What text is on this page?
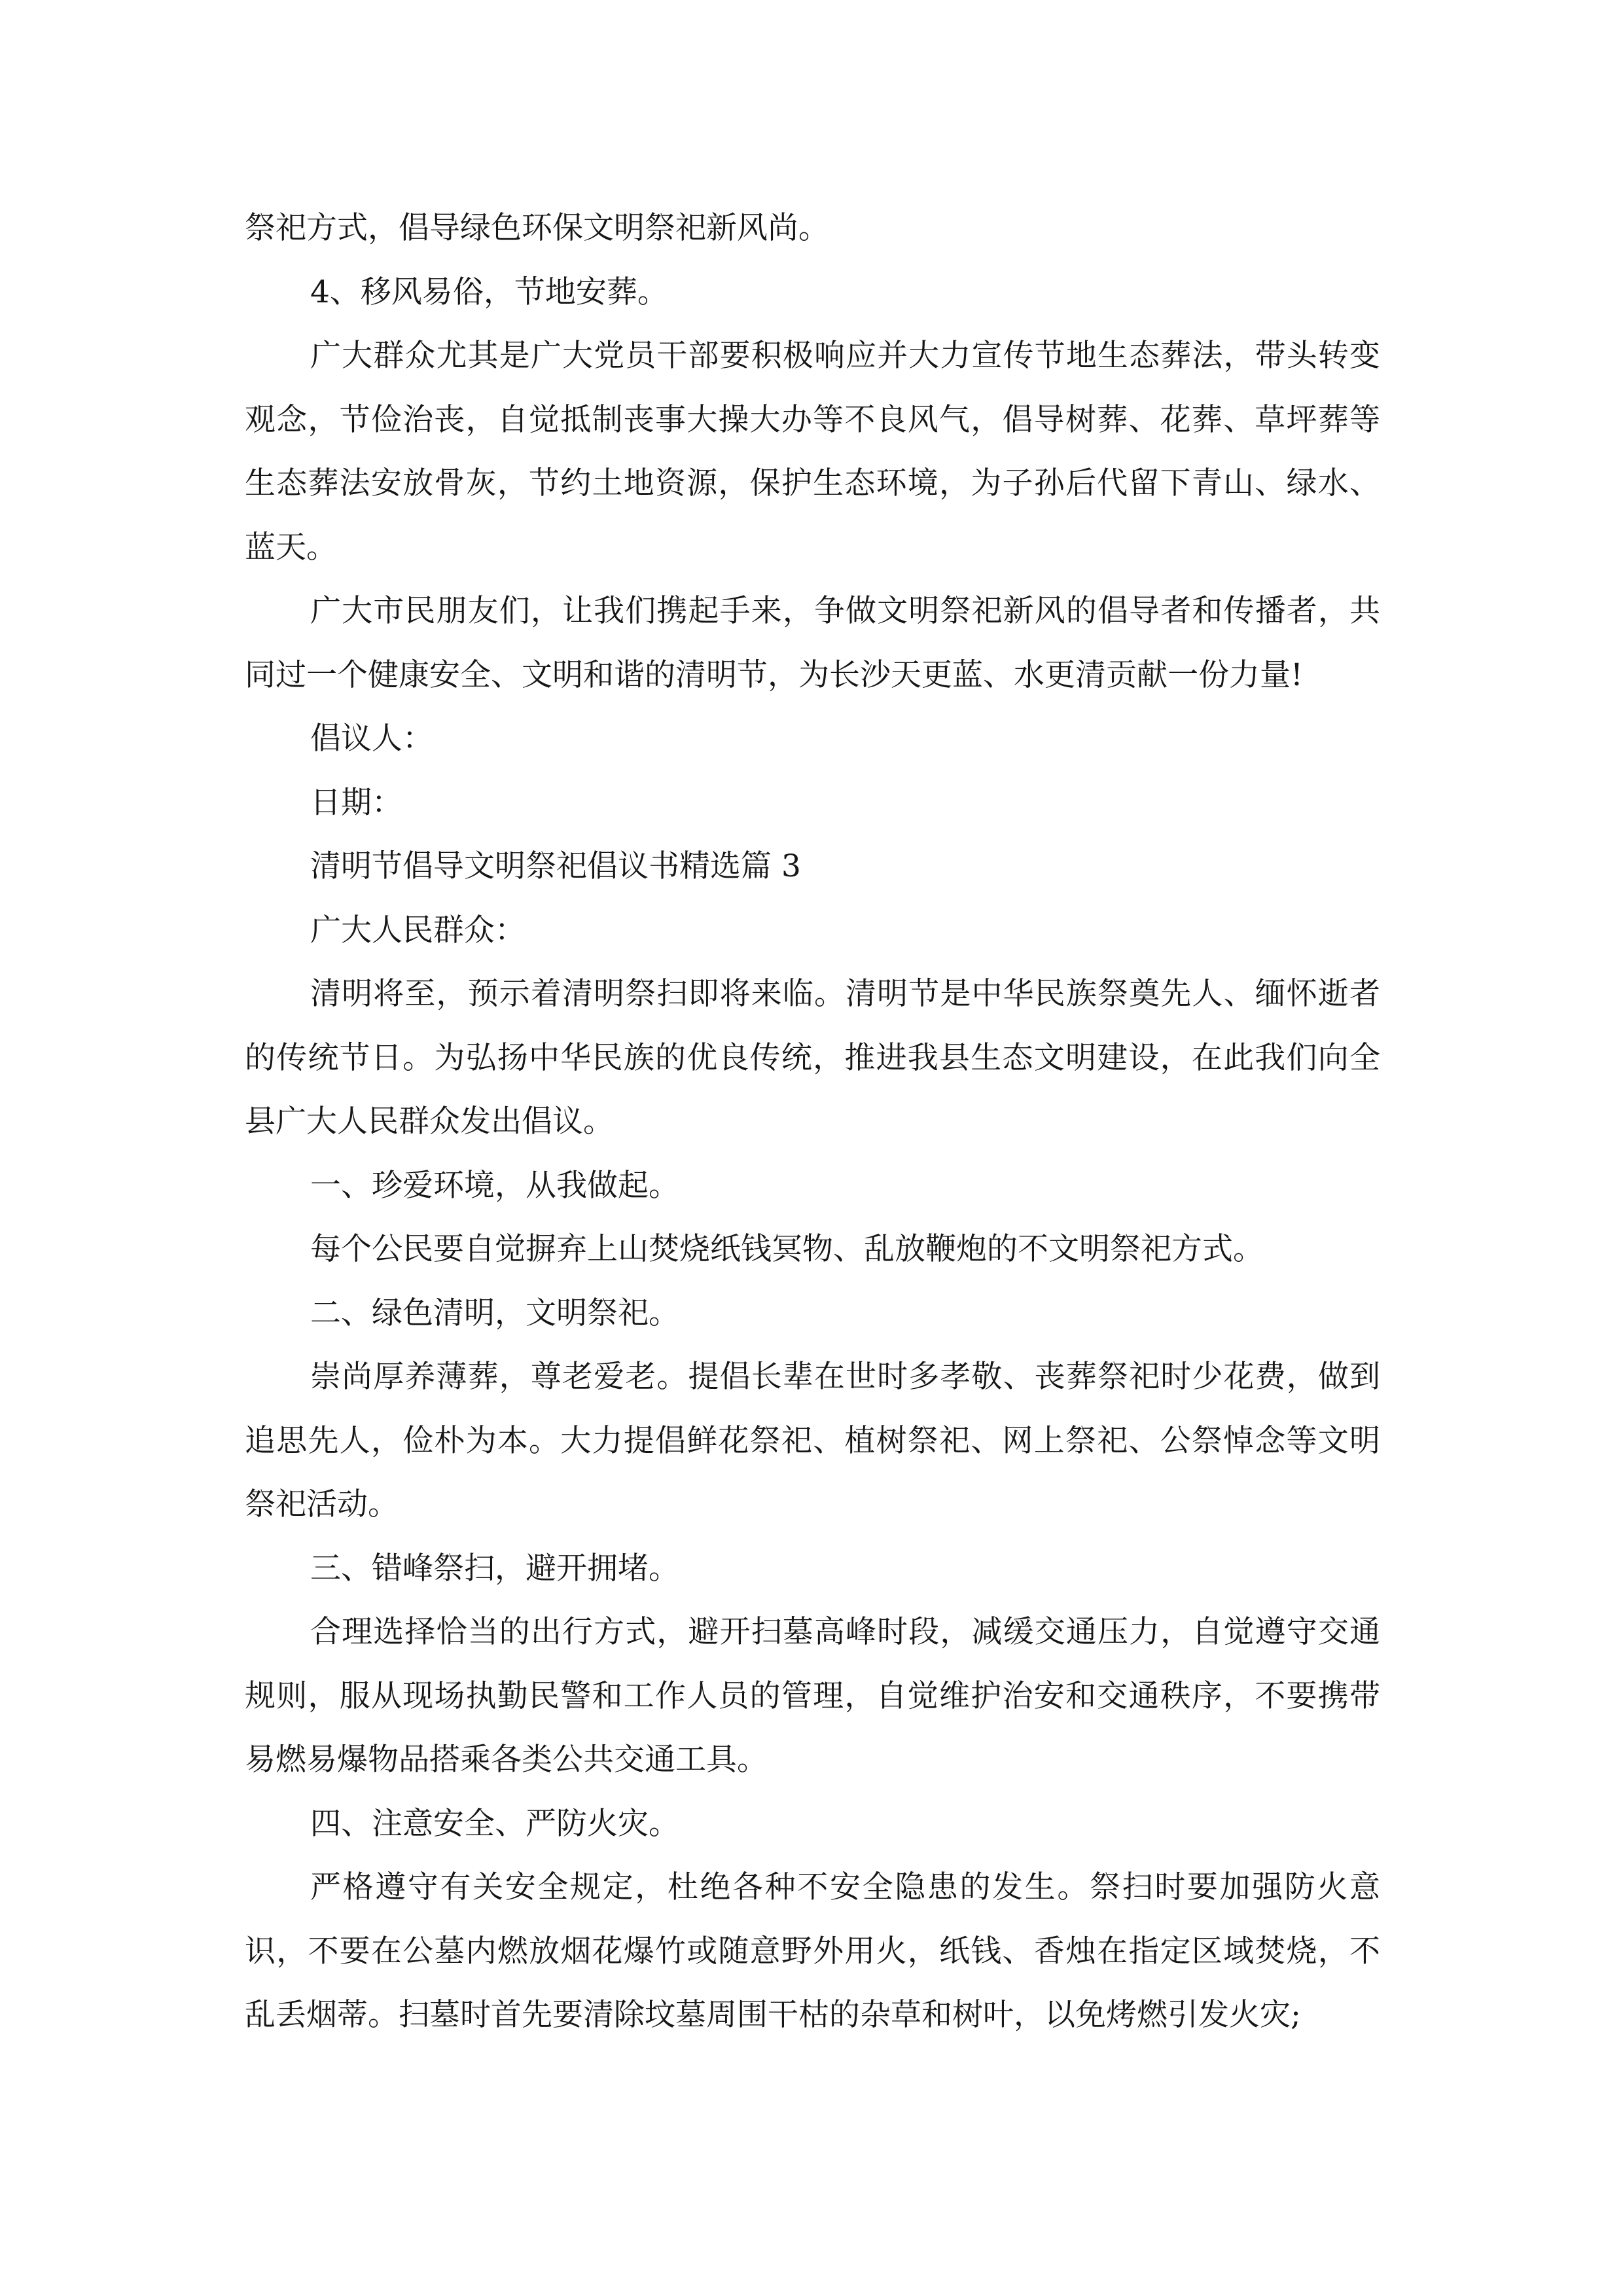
祭祀方式，倡导绿色环保文明祭祀新风尚。

4、移风易俗，节地安葬。

广大群众尤其是广大党员干部要积极响应并大力宣传节地生态葬法，带头转变观念，节俭治丧，自觉抵制丧事大操大办等不良风气，倡导树葬、花葬、草坪葬等生态葬法安放骨灰，节约土地资源，保护生态环境，为子孙后代留下青山、绿水、蓝天。

广大市民朋友们，让我们携起手来，争做文明祭祀新风的倡导者和传播者，共同过一个健康安全、文明和谐的清明节，为长沙天更蓝、水更清贡献一份力量!

倡议人：

日期：

清明节倡导文明祭祀倡议书精选篇 3

广大人民群众：

清明将至，预示着清明祭扫即将来临。清明节是中华民族祭奠先人、缅怀逝者的传统节日。为弘扬中华民族的优良传统，推进我县生态文明建设，在此我们向全县广大人民群众发出倡议。

一、珍爱环境，从我做起。

每个公民要自觉摒弃上山焚烧纸钱冥物、乱放鞭炮的不文明祭祀方式。

二、绿色清明，文明祭祀。

崇尚厚养薄葬，尊老爱老。提倡长辈在世时多孝敬、丧葬祭祀时少花费，做到追思先人，俭朴为本。大力提倡鲜花祭祀、植树祭祀、网上祭祀、公祭悼念等文明祭祀活动。

三、错峰祭扫，避开拥堵。

合理选择恰当的出行方式，避开扫墓高峰时段，减缓交通压力，自觉遵守交通规则，服从现场执勤民警和工作人员的管理，自觉维护治安和交通秩序，不要携带易燃易爆物品搭乘各类公共交通工具。

四、注意安全、严防火灾。

严格遵守有关安全规定，杜绝各种不安全隐患的发生。祭扫时要加强防火意识，不要在公墓内燃放烟花爆竹或随意野外用火，纸钱、香烛在指定区域焚烧，不乱丢烟蒂。扫墓时首先要清除坟墓周围干枯的杂草和树叶，以免烤燃引发火灾;
